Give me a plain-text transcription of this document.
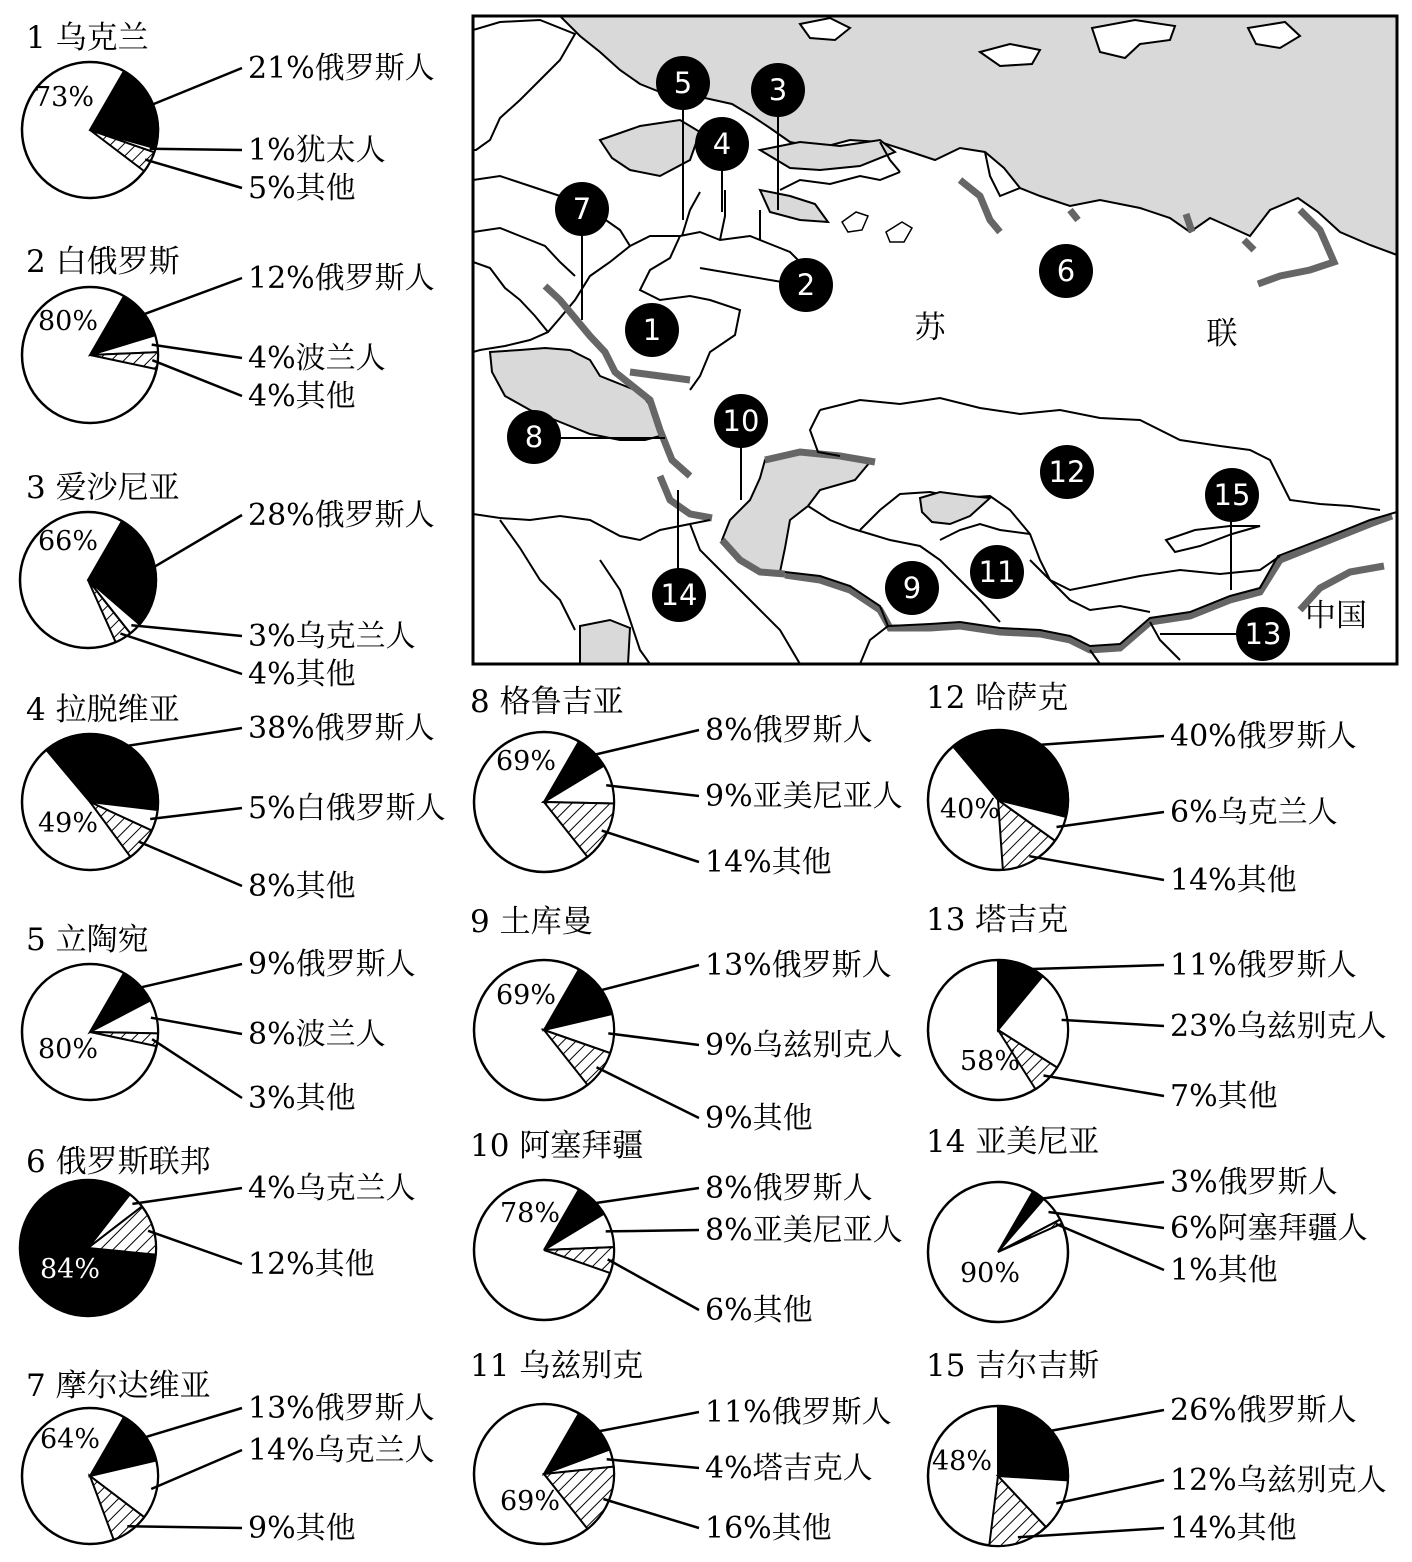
1
2
3
4
5
6
7
8
9
10
11
12
13
14
15
苏	联
中国
1 乌克兰
21%俄罗斯人
1%犹太人
5%其他
73%
2 白俄罗斯 12%俄罗斯人
4%波兰人
4%其他
80%
3 爱沙尼亚
28%俄罗斯人
3%乌克兰人
4%其他
66%
4 拉脱维亚
38%俄罗斯人
5%白俄罗斯人
8%其他
49%
5 立陶宛
9%俄罗斯人
8%波兰人
3%其他
80%
6 俄罗斯联邦
4%乌克兰人
12%其他
84%
7 摩尔达维亚
13%俄罗斯人
14%乌克兰人
9%其他
64%
8 格鲁吉亚
8%俄罗斯人
9%亚美尼亚人
14%其他
69%
9 土库曼
13%俄罗斯人
9%乌兹别克人
9%其他
69%
10 阿塞拜疆
8%俄罗斯人
8%亚美尼亚人
6%其他
78%
11 乌兹别克
11%俄罗斯人
4%塔吉克人
16%其他
69%
12 哈萨克
40%俄罗斯人
6%乌克兰人
14%其他
40%
13 塔吉克
11%俄罗斯人
23%乌兹别克人
7%其他
58%
14 亚美尼亚
3%俄罗斯人
6%阿塞拜疆人
1%其他
90%
15 吉尔吉斯
26%俄罗斯人
12%乌兹别克人
14%其他
48%
